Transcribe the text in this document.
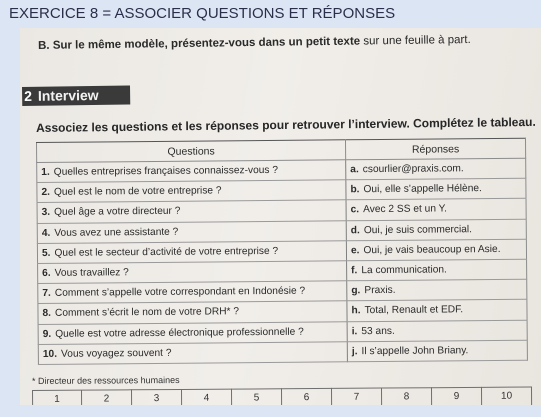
EXERCICE 8 = ASSOCIER QUESTIONS ET RÉPONSES
B. Sur le même modèle, présentez-vous dans un petit texte sur une feuille à part.
2 Interview
Associez les questions et les réponses pour retrouver l’interview. Complétez le tableau.
Questions	Réponses
1. Quelles entreprises françaises connaissez-vous ?	a. csourlier@praxis.com.
2. Quel est le nom de votre entreprise ?	b. Oui, elle s’appelle Hélène.
3. Quel âge a votre directeur ?	c. Avec 2 SS et un Y.
4. Vous avez une assistante ?	d. Oui, je suis commercial.
5. Quel est le secteur d’activité de votre entreprise ?	e. Oui, je vais beaucoup en Asie.
6. Vous travaillez ?	f. La communication.
7. Comment s’appelle votre correspondant en Indonésie ?	g. Praxis.
8. Comment s’écrit le nom de votre DRH* ?	h. Total, Renault et EDF.
9. Quelle est votre adresse électronique professionnelle ?	i. 53 ans.
10. Vous voyagez souvent ?	j. Il s’appelle John Briany.
* Directeur des ressources humaines
1	2	3	4	5	6	7	8	9	10
